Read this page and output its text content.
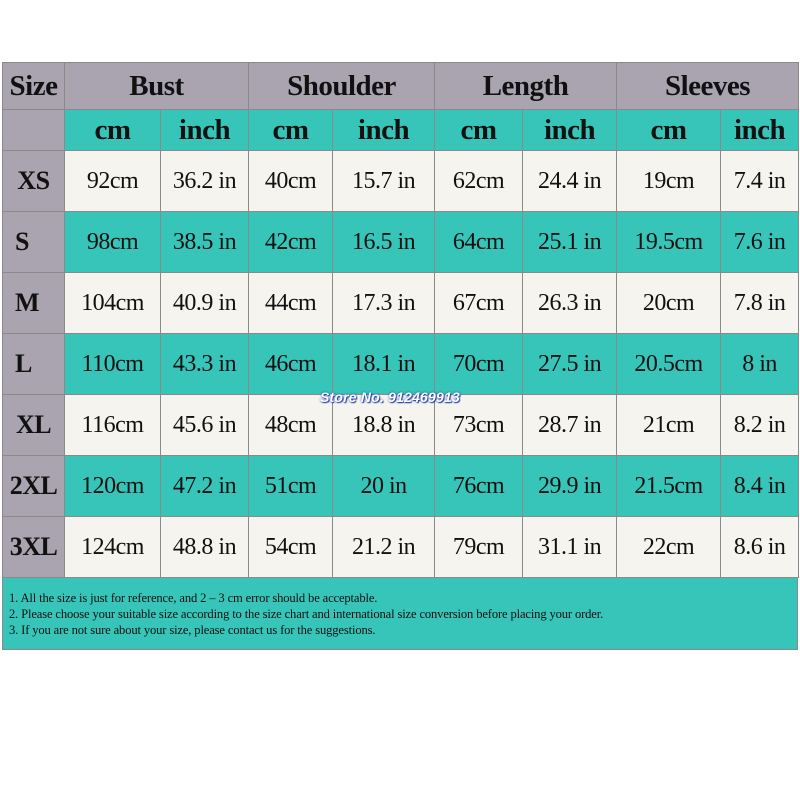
Size	Bust		Shoulder		Length		Sleeves	
	cm	inch	cm	inch	cm	inch	cm	inch
XS	92cm	36.2 in	40cm	15.7 in	62cm	24.4 in	19cm	7.4 in
S	98cm	38.5 in	42cm	16.5 in	64cm	25.1 in	19.5cm	7.6 in
M	104cm	40.9 in	44cm	17.3 in	67cm	26.3 in	20cm	7.8 in
L	110cm	43.3 in	46cm	18.1 in	70cm	27.5 in	20.5cm	8 in
XL	116cm	45.6 in	48cm	18.8 in	73cm	28.7 in	21cm	8.2 in
2XL	120cm	47.2 in	51cm	20 in	76cm	29.9 in	21.5cm	8.4 in
3XL	124cm	48.8 in	54cm	21.2 in	79cm	31.1 in	22cm	8.6 in
1. All the size is just for reference, and 2 – 3 cm error should be acceptable.
2. Please choose your suitable size according to the size chart and international size conversion before placing your order.
3. If you are not sure about your size, please contact us for the suggestions.
Store No. 912469913
